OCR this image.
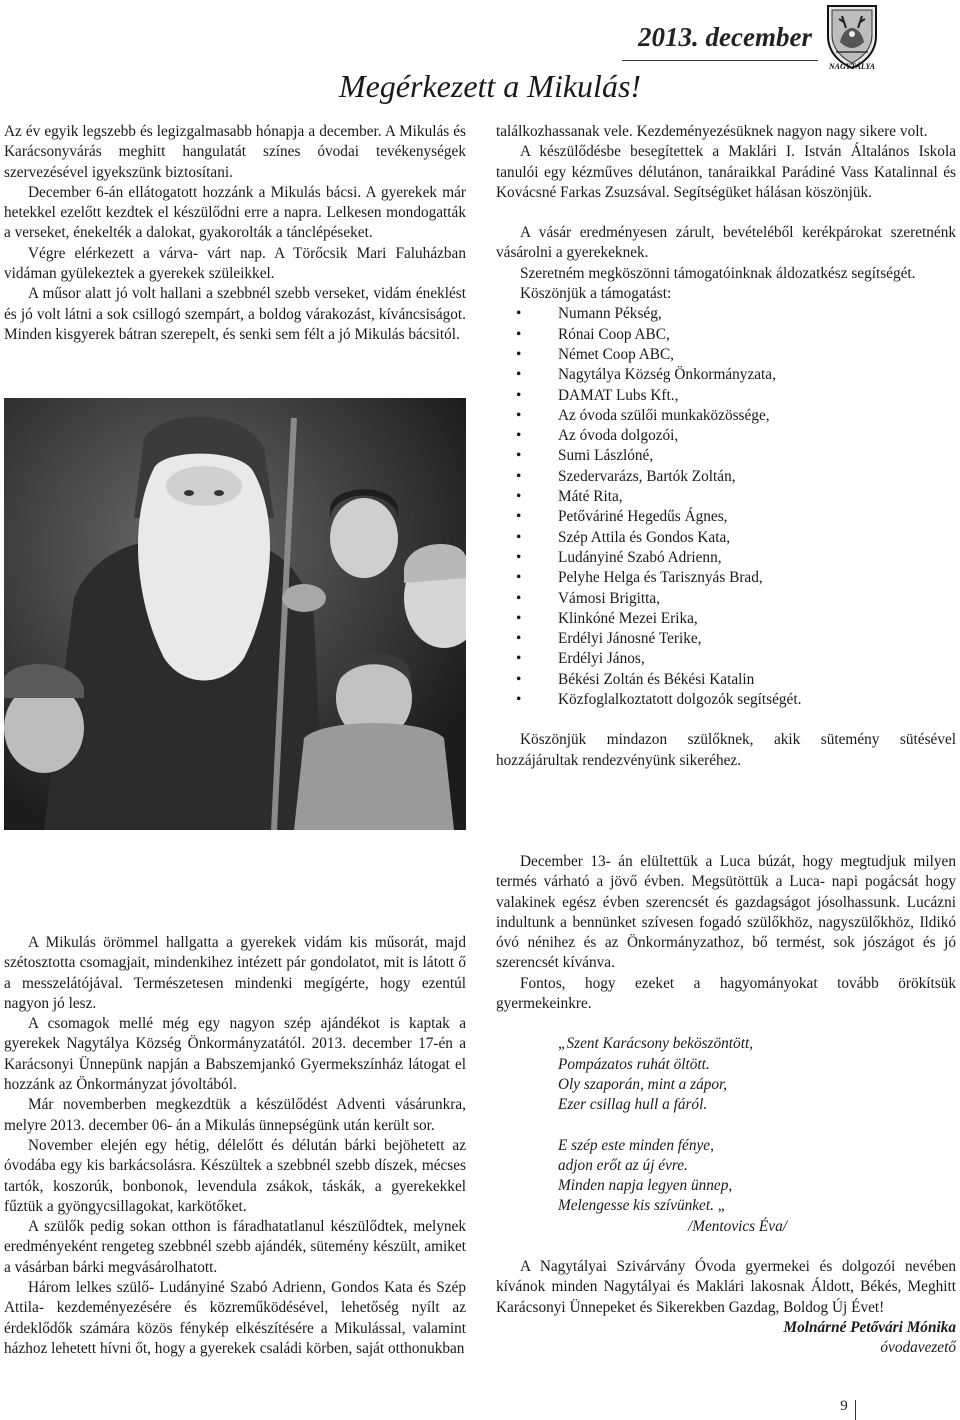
2013. december
NAGYTÁLYA
Megérkezett a Mikulás!

Az év egyik legszebb és legizgalmasabb hónapja a december. A Mikulás és Karácsonyvárás meghitt hangulatát színes óvodai tevékenységek szervezésével igyekszünk biztosítani.

December 6-án ellátogatott hozzánk a Mikulás bácsi. A gyerekek már hetekkel ezelőtt kezdtek el készülődni erre a napra. Lelkesen mondogatták a verseket, énekelték a dalokat, gyakorolták a tánclépéseket.

Végre elérkezett a várva- várt nap. A Törőcsik Mari Faluházban vidáman gyülekeztek a gyerekek szüleikkel.

A műsor alatt jó volt hallani a szebbnél szebb verseket, vidám éneklést és jó volt látni a sok csillogó szempárt, a boldog várakozást, kíváncsiságot. Minden kisgyerek bátran szerepelt, és senki sem félt a jó Mikulás bácsitól.

A Mikulás örömmel hallgatta a gyerekek vidám kis műsorát, majd szétosztotta csomagjait, mindenkihez intézett pár gondolatot, mit is látott ő a messzelátójával. Természetesen mindenki megígérte, hogy ezentúl nagyon jó lesz.

A csomagok mellé még egy nagyon szép ajándékot is kaptak a gyerekek Nagytálya Község Önkormányzatától. 2013. december 17-én a Karácsonyi Ünnepünk napján a Babszemjankó Gyermekszínház látogat el hozzánk az Önkormányzat jóvoltából.

Már novemberben megkezdtük a készülődést Adventi vásárunkra, melyre 2013. december 06- án a Mikulás ünnepségünk után került sor.

November elején egy hétig, délelőtt és délután bárki bejöhetett az óvodába egy kis barkácsolásra. Készültek a szebbnél szebb díszek, mécses tartók, koszorúk, bonbonok, levendula zsákok, táskák, a gyerekekkel fűztük a gyöngycsillagokat, karkötőket.

A szülők pedig sokan otthon is fáradhatatlanul készülődtek, melynek eredményeként rengeteg szebbnél szebb ajándék, sütemény készült, amiket a vásárban bárki megvásárolhatott.

Három lelkes szülő- Ludányiné Szabó Adrienn, Gondos Kata és Szép Attila- kezdeményezésére és közreműködésével, lehetőség nyílt az érdeklődők számára közös fénykép elkészítésére a Mikulással, valamint házhoz lehetett hívni őt, hogy a gyerekek családi körben, saját otthonukban

találkozhassanak vele. Kezdeményezésüknek nagyon nagy sikere volt.

A készülődésbe besegítettek a Maklári I. István Általános Iskola tanulói egy kézműves délutánon, tanáraikkal Parádiné Vass Katalinnal és Kovácsné Farkas Zsuzsával. Segítségüket hálásan köszönjük.

A vásár eredményesen zárult, bevételéből kerékpárokat szeretnénk vásárolni a gyerekeknek.

Szeretném megköszönni támogatóinknak áldozatkész segítségét.

Köszönjük a támogatást:

• Numann Pékség,
• Rónai Coop ABC,
• Német Coop ABC,
• Nagytálya Község Önkormányzata,
• DAMAT Lubs Kft.,
• Az óvoda szülői munkaközössége,
• Az óvoda dolgozói,
• Sumi Lászlóné,
• Szedervarázs, Bartók Zoltán,
• Máté Rita,
• Petőváriné Hegedűs Ágnes,
• Szép Attila és Gondos Kata,
• Ludányiné Szabó Adrienn,
• Pelyhe Helga és Tarisznyás Brad,
• Vámosi Brigitta,
• Klinkóné Mezei Erika,
• Erdélyi Jánosné Terike,
• Erdélyi János,
• Békési Zoltán és Békési Katalin
• Közfoglalkoztatott dolgozók segítségét.

Köszönjük mindazon szülőknek, akik sütemény sütésével hozzájárultak rendezvényünk sikeréhez.

December 13- án elültettük a Luca búzát, hogy megtudjuk milyen termés várható a jövő évben. Megsütöttük a Luca- napi pogácsát hogy valakinek egész évben szerencsét és gazdagságot jósolhassunk. Lucázni indultunk a bennünket szívesen fogadó szülőkhöz, nagyszülőkhöz, Ildikó óvó nénihez és az Önkormányzathoz, bő termést, sok jószágot és jó szerencsét kívánva.

Fontos, hogy ezeket a hagyományokat tovább örökítsük gyermekeinkre.

„Szent Karácsony beköszöntött,

Pompázatos ruhát öltött.

Oly szaporán, mint a zápor,

Ezer csillag hull a fáról.

E szép este minden fénye,

adjon erőt az új évre.

Minden napja legyen ünnep,

Melengesse kis szívünket. „

/Mentovics Éva/

A Nagytályai Szivárvány Óvoda gyermekei és dolgozói nevében kívánok minden Nagytályai és Maklári lakosnak Áldott, Békés, Meghitt Karácsonyi Ünnepeket és Sikerekben Gazdag, Boldog Új Évet!

Molnárné Petővári Mónika

óvodavezető

9
